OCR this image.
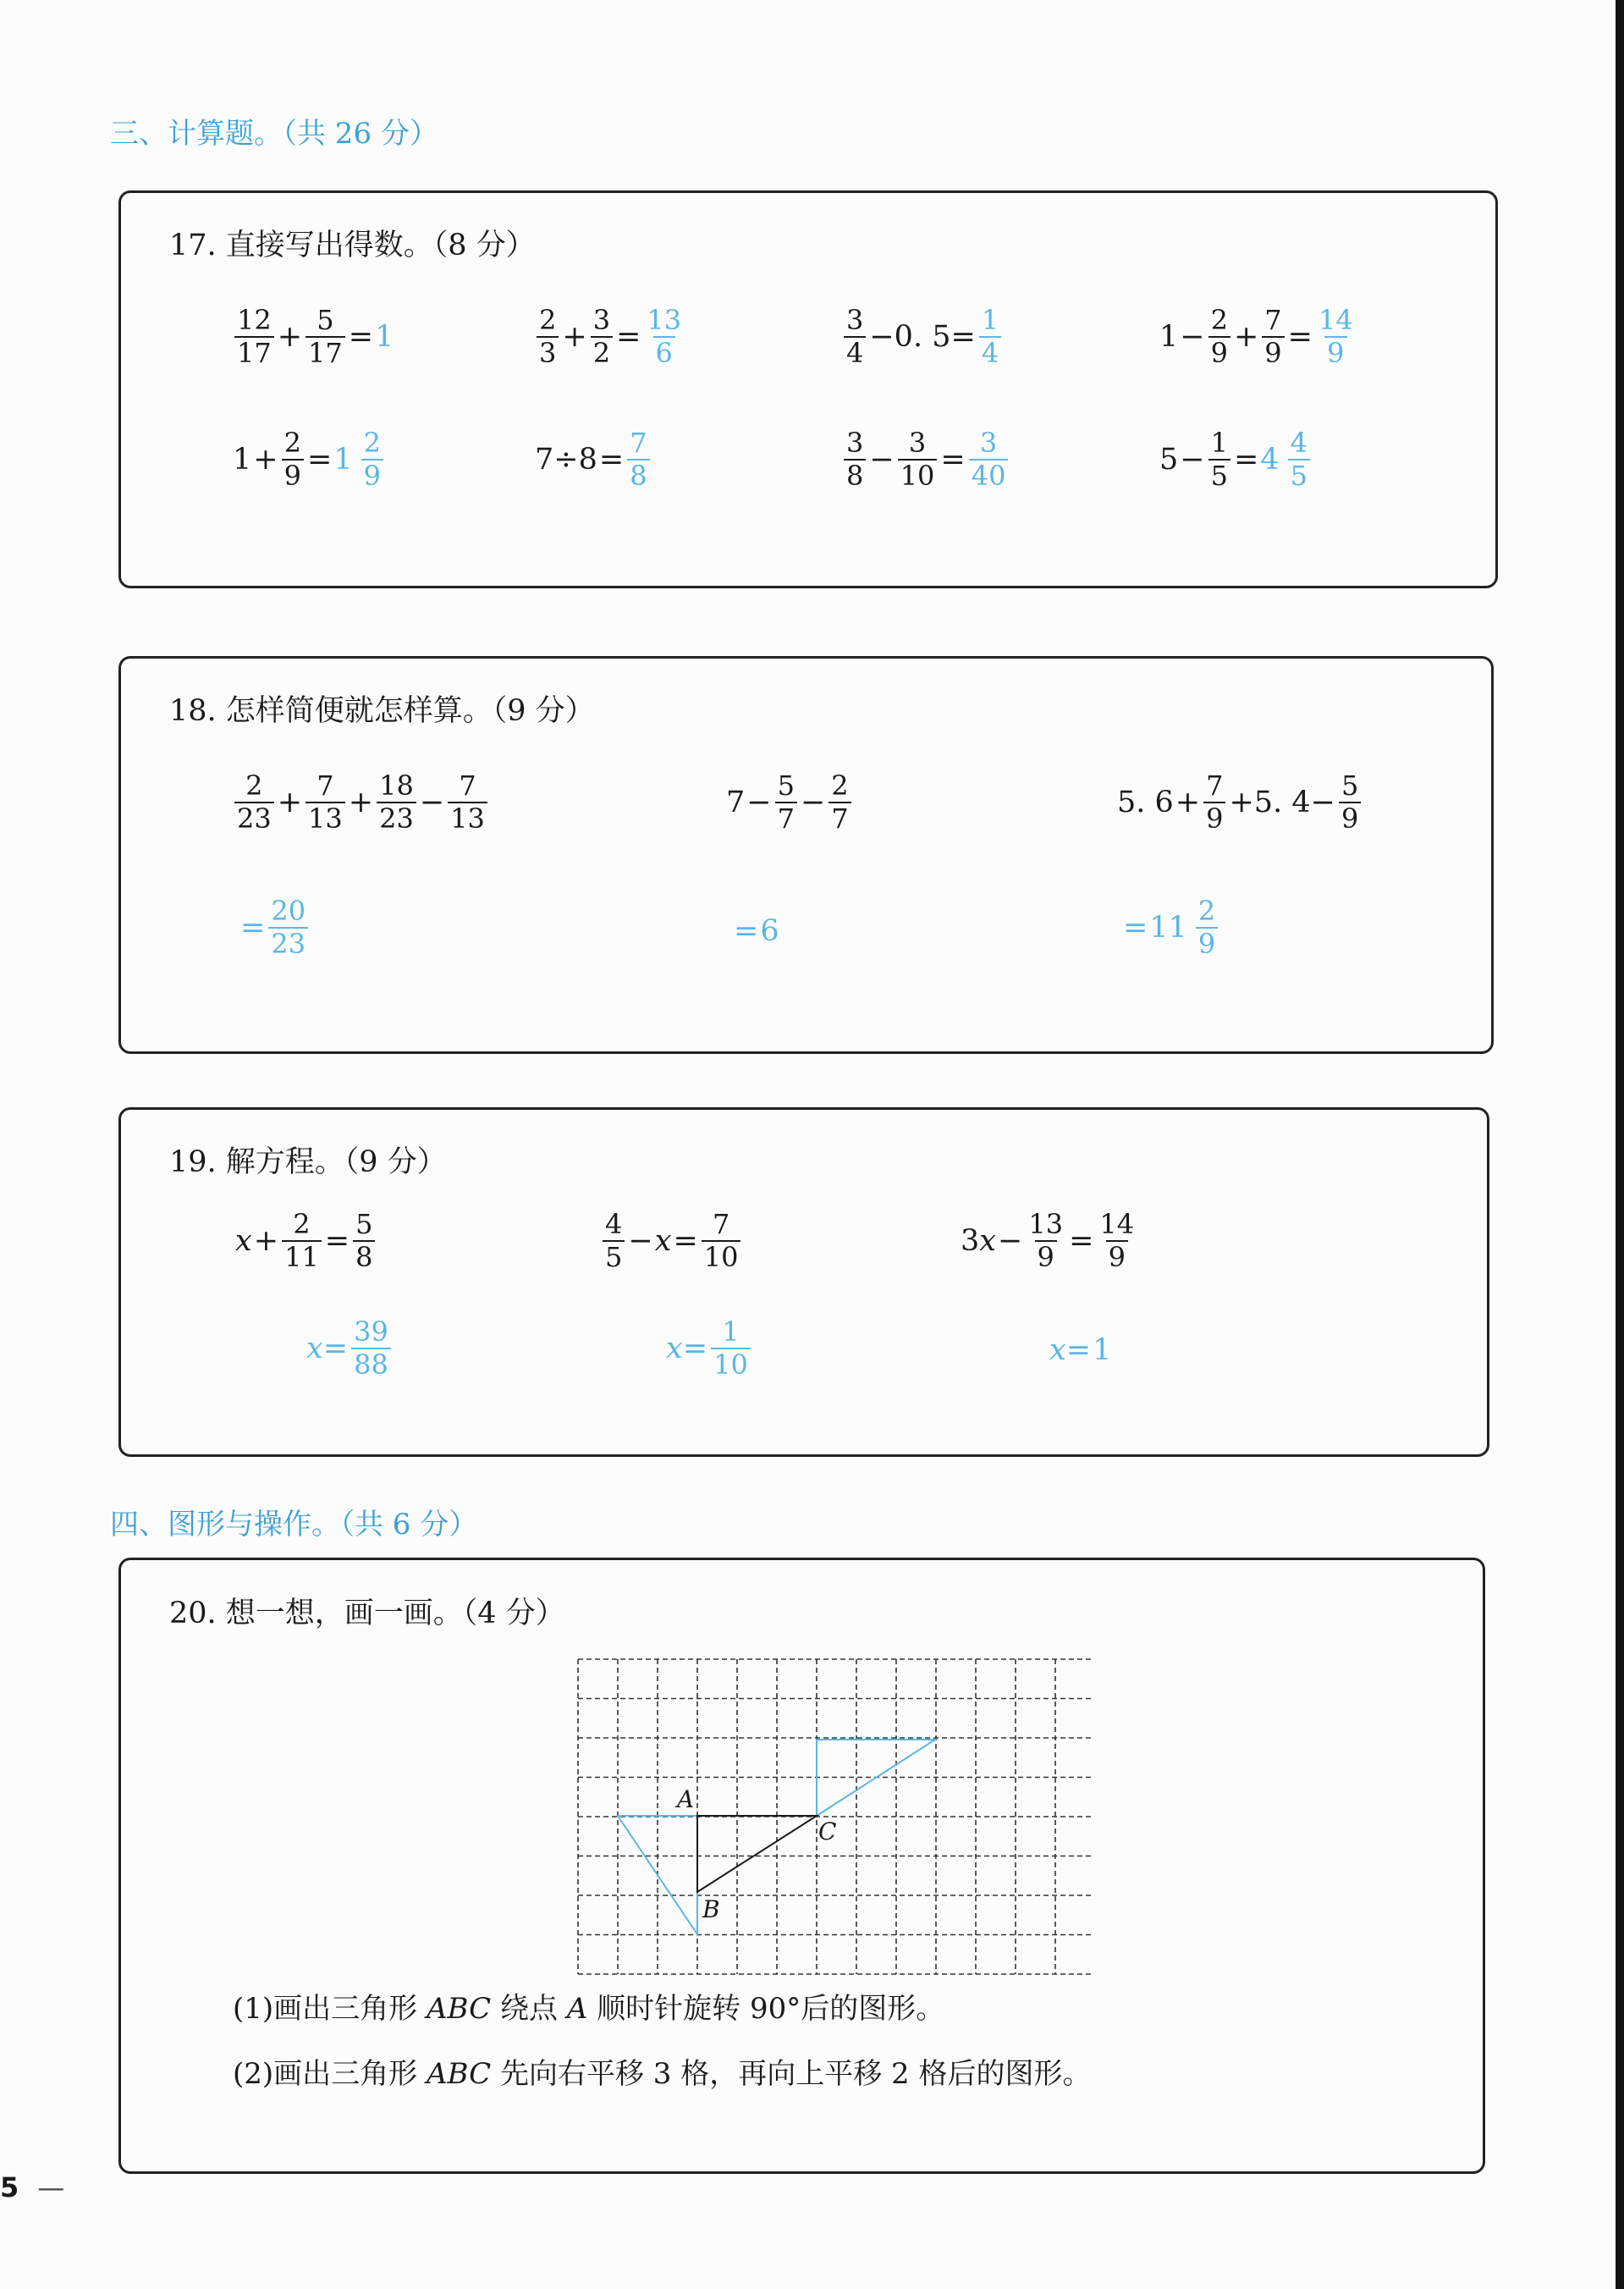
三、计算题。（共 26 分）
17. 直接写出得数。（8 分）
$\frac{12}{17} + \frac{5}{17} = 1$	$\frac{2}{3} + \frac{3}{2} = \frac{13}{6}$	$\frac{3}{4} -0$. $5= \frac{1}{4}$	$1 - \frac{2}{9} + \frac{7}{9} = \frac{14}{9}$
$1 + \frac{2}{9} = 1 \frac{2}{9}$	$7\div 8 = \frac{7}{8}$	$\frac{3}{8} - \frac{3}{10} = \frac{3}{40}$	$5 - \frac{1}{5} = 4 \frac{4}{5}$
18. 怎样简便就怎样算。（9 分）
$\frac{2}{23} + \frac{7}{13} + \frac{18}{23} - \frac{7}{13}$	$7 - \frac{5}{7} - \frac{2}{7}$	5. $6 + \frac{7}{9} +5$. $4- \frac{5}{9}$
= $\frac{20}{23}$	= 6	= $11 \frac{2}{9}$
19. 解方程。（9 分）
$x + \frac{2}{11} = \frac{5}{8}$	$\frac{4}{5} - x = \frac{7}{10}$	3 $x - \frac{13}{9} = \frac{14}{9}$
$x= \frac{39}{88}$	$x= \frac{1}{10}$	x= 1
四、图形与操作。（共 6 分）
20. 想一想，画一画。（4 分）
A
B
C
(1)画出三角形 ABC 绕点 A 顺时针旋转 90°后的图形。
(2)画出三角形 ABC 先向右平移 3 格，再向上平移 2 格后的图形。
5 —
